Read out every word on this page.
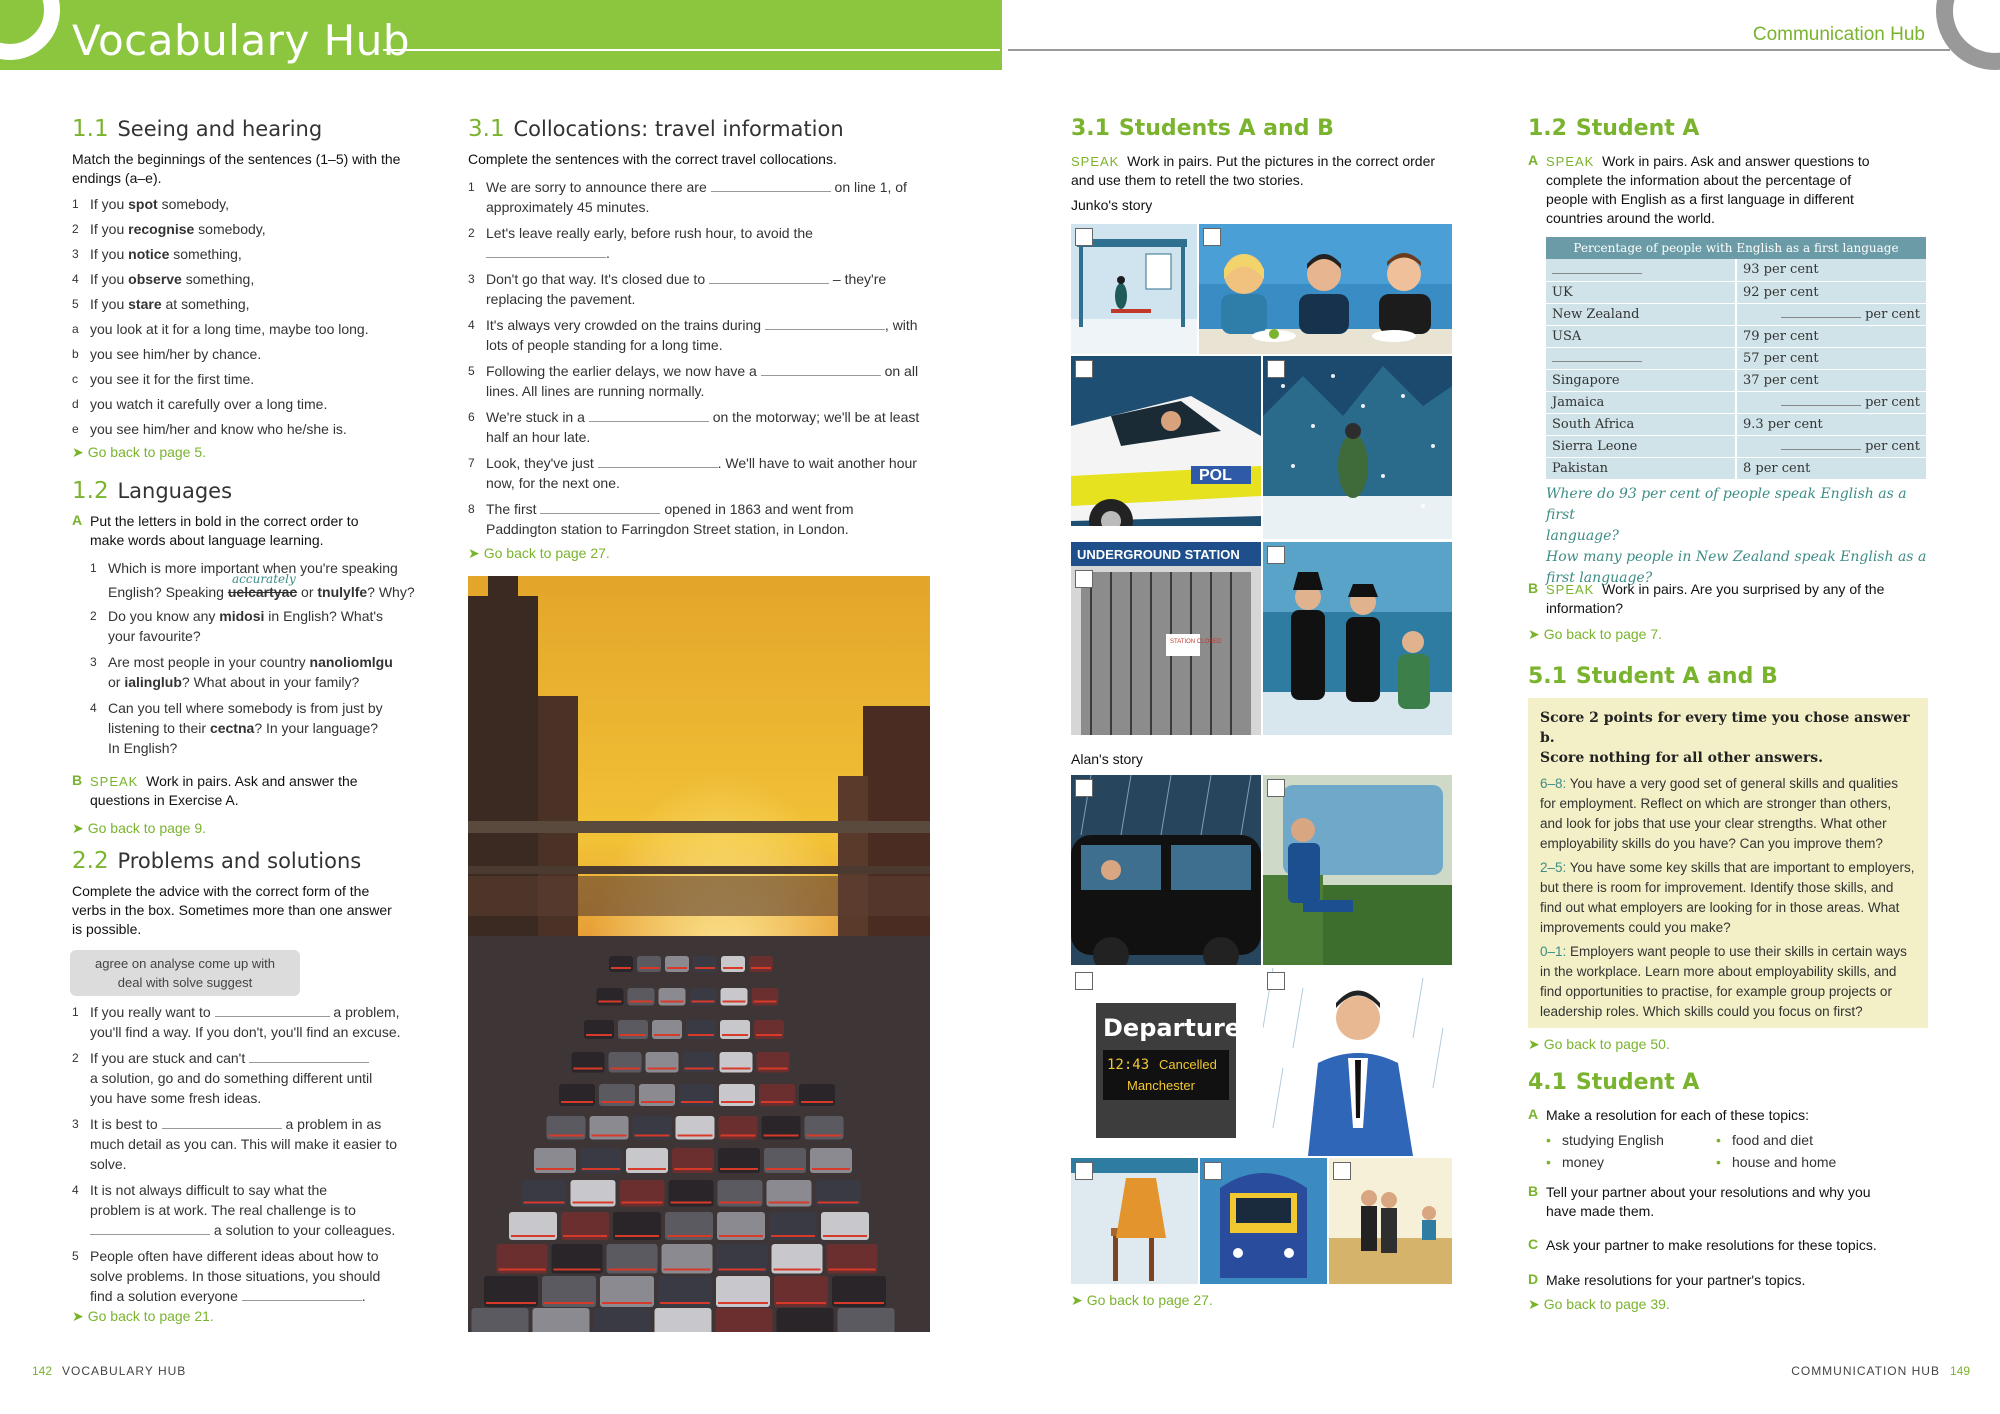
Vocabulary Hub	Communication Hub
1.1 Seeing and hearing
Match the beginnings of the sentences (1–5) with the endings (a–e).
1 If you spot somebody,
2 If you recognise somebody,
3 If you notice something,
4 If you observe something,
5 If you stare at something,
a you look at it for a long time, maybe too long.
b you see him/her by chance.
c you see it for the first time.
d you watch it carefully over a long time.
e you see him/her and know who he/she is.
➤ Go back to page 5.
1.2 Languages
A Put the letters in bold in the correct order to make words about language learning.
1 Which is more important when you're speaking
accurately
English? Speaking uelcartyac or tnulylfe? Why?
2 Do you know any midosi in English? What's
your favourite?
3 Are most people in your country nanoliomlgu
or ialinglub? What about in your family?
4 Can you tell where somebody is from just by
listening to their cectna? In your language?
In English?
B SPEAK Work in pairs. Ask and answer the
questions in Exercise A.
➤ Go back to page 9.
2.2 Problems and solutions
Complete the advice with the correct form of the verbs in the box. Sometimes more than one answer is possible.
agree on analyse come up with
deal with solve suggest
1 If you really want to	a problem,
you'll find a way. If you don't, you'll find an excuse.
2 If you are stuck and can't
a solution, go and do something different until
you have some fresh ideas.
3 It is best to	a problem in as
much detail as you can. This will make it easier to
solve.
4 It is not always difficult to say what the
problem is at work. The real challenge is to
a solution to your colleagues.
5 People often have different ideas about how to
solve problems. In those situations, you should
find a solution everyone	.
➤ Go back to page 21.
3.1 Collocations: travel information
Complete the sentences with the correct travel collocations.
1 We are sorry to announce there are	on line 1, of
approximately 45 minutes.
2 Let's leave really early, before rush hour, to avoid the
.
3 Don't go that way. It's closed due to	– they're
replacing the pavement.
4 It's always very crowded on the trains during	, with
lots of people standing for a long time.
5 Following the earlier delays, we now have a	on all
lines. All lines are running normally.
6 We're stuck in a	on the motorway; we'll be at least
half an hour late.
7 Look, they've just	. We'll have to wait another hour
now, for the next one.
8 The first	opened in 1863 and went from
Paddington station to Farringdon Street station, in London.
➤ Go back to page 27.
3.1 Students A and B
SPEAK Work in pairs. Put the pictures in the correct order and use them to retell the two stories.
Junko's story
POL
UNDERGROUND STATION
STATION CLOSED
Alan's story
Departures
12:43 Cancelled
Manchester
➤ Go back to page 27.
1.2 Student A
A SPEAK Work in pairs. Ask and answer questions to
complete the information about the percentage of
people with English as a first language in different
countries around the world.
Percentage of people with English as a first language	
	93 per cent
UK	92 per cent
New Zealand	per cent
USA	79 per cent
	57 per cent
Singapore	37 per cent
Jamaica	per cent
South Africa	9.3 per cent
Sierra Leone	per cent
Pakistan	8 per cent
Where do 93 per cent of people speak English as a first
language?
How many people in New Zealand speak English as a
first language?
B SPEAK Work in pairs. Are you surprised by any of the
information?
➤ Go back to page 7.
5.1 Student A and B
Score 2 points for every time you chose answer b.
Score nothing for all other answers.
6–8: You have a very good set of general skills and qualities for employment. Reflect on which are stronger than others, and look for jobs that use your clear strengths. What other employability skills do you have? Can you improve them?
2–5: You have some key skills that are important to employers, but there is room for improvement. Identify those skills, and find out what employers are looking for in those areas. What improvements could you make?
0–1: Employers want people to use their skills in certain ways in the workplace. Learn more about employability skills, and find opportunities to practise, for example group projects or leadership roles. Which skills could you focus on first?
➤ Go back to page 50.
4.1 Student A
A Make a resolution for each of these topics:
• studying English
• money
• food and diet
• house and home
B Tell your partner about your resolutions and why you
have made them.
C Ask your partner to make resolutions for these topics.
D Make resolutions for your partner's topics.
➤ Go back to page 39.
142 VOCABULARY HUB	COMMUNICATION HUB 149
